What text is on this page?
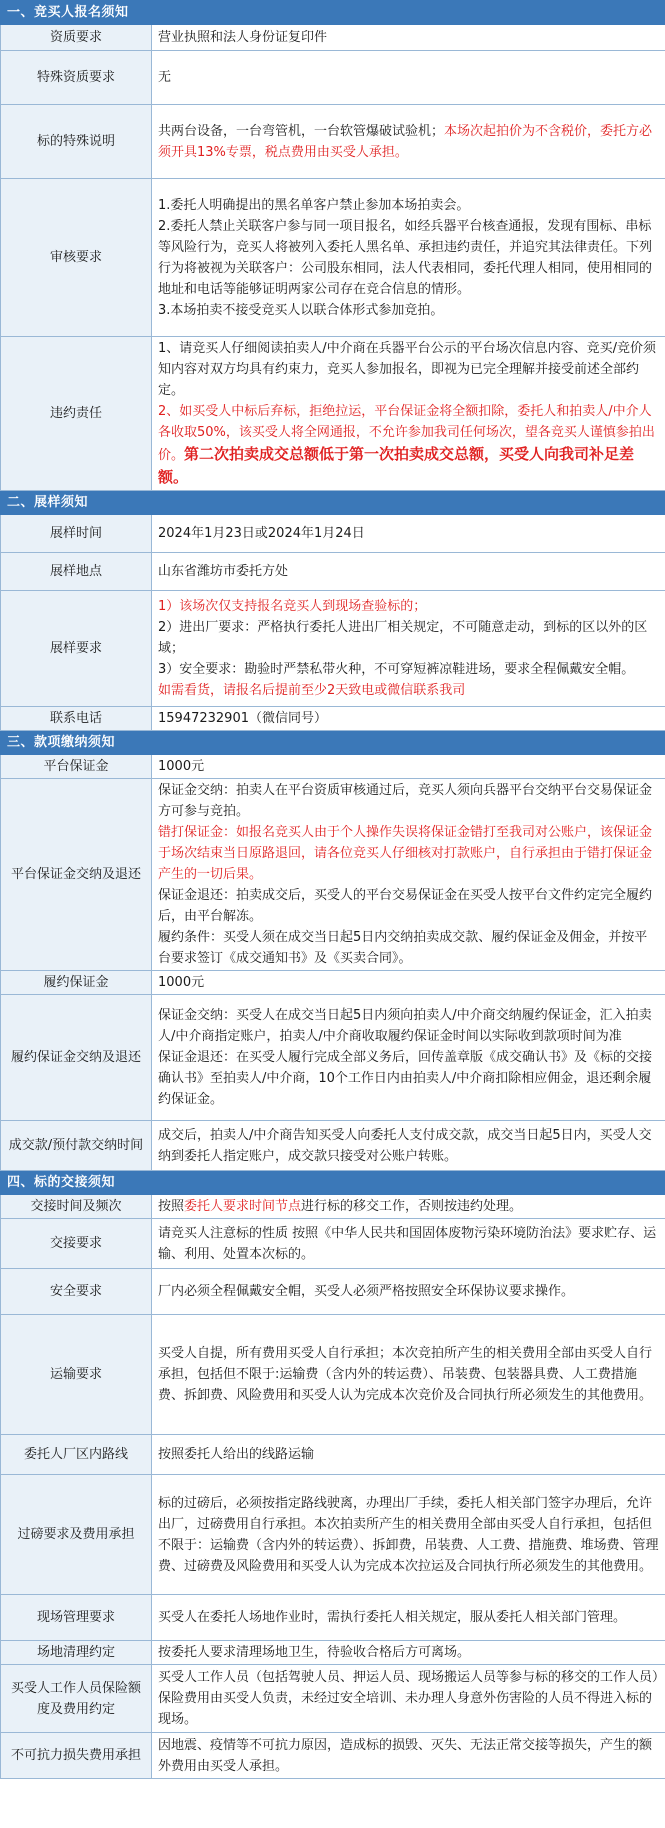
一、竞买人报名须知	
资质要求	营业执照和法人身份证复印件
特殊资质要求	无
标的特殊说明	共两台设备，一台弯管机，一台软管爆破试验机；本场次起拍价为不含税价，委托方必须开具13%专票，税点费用由买受人承担。
审核要求	1.委托人明确提出的黑名单客户禁止参加本场拍卖会。
2.委托人禁止关联客户参与同一项目报名，如经兵器平台核查通报，发现有围标、串标等风险行为，竞买人将被列入委托人黑名单、承担违约责任，并追究其法律责任。下列行为将被视为关联客户：公司股东相同，法人代表相同，委托代理人相同，使用相同的地址和电话等能够证明两家公司存在竞合信息的情形。
3.本场拍卖不接受竞买人以联合体形式参加竞拍。

违约责任	1、请竞买人仔细阅读拍卖人/中介商在兵器平台公示的平台场次信息内容、竞买/竞价须知内容对双方均具有约束力，竞买人参加报名，即视为已完全理解并接受前述全部约定。
2、如买受人中标后弃标，拒绝拉运，平台保证金将全额扣除，委托人和拍卖人/中介人各收取50%，该买受人将全网通报，不允许参加我司任何场次，望各竞买人谨慎参拍出价。第二次拍卖成交总额低于第一次拍卖成交总额，买受人向我司补足差额。
二、展样须知	
展样时间	2024年1月23日或2024年1月24日
展样地点	山东省潍坊市委托方处
展样要求	1）该场次仅支持报名竞买人到现场查验标的；
2）进出厂要求：严格执行委托人进出厂相关规定，不可随意走动，到标的区以外的区域；
3）安全要求：勘验时严禁私带火种，不可穿短裤凉鞋进场，要求全程佩戴安全帽。
如需看货，请报名后提前至少2天致电或微信联系我司

联系电话	15947232901（微信同号）
三、款项缴纳须知	
平台保证金	1000元
平台保证金交纳及退还	保证金交纳：拍卖人在平台资质审核通过后，竞买人须向兵器平台交纳平台交易保证金方可参与竞拍。
错打保证金：如报名竞买人由于个人操作失误将保证金错打至我司对公账户，该保证金于场次结束当日原路退回，请各位竞买人仔细核对打款账户，自行承担由于错打保证金产生的一切后果。
保证金退还：拍卖成交后，买受人的平台交易保证金在买受人按平台文件约定完全履约后，由平台解冻。
履约条件：买受人须在成交当日起5日内交纳拍卖成交款、履约保证金及佣金，并按平台要求签订《成交通知书》及《买卖合同》。

履约保证金	1000元
履约保证金交纳及退还	保证金交纳：买受人在成交当日起5日内须向拍卖人/中介商交纳履约保证金，汇入拍卖人/中介商指定账户，拍卖人/中介商收取履约保证金时间以实际收到款项时间为准
保证金退还：在买受人履行完成全部义务后，回传盖章版《成交确认书》及《标的交接确认书》至拍卖人/中介商，10个工作日内由拍卖人/中介商扣除相应佣金，退还剩余履约保证金。

成交款/预付款交纳时间	成交后，拍卖人/中介商告知买受人向委托人支付成交款，成交当日起5日内，买受人交纳到委托人指定账户，成交款只接受对公账户转账。
四、标的交接须知	
交接时间及频次	按照委托人要求时间节点进行标的移交工作，否则按违约处理。
交接要求	请竞买人注意标的性质 按照《中华人民共和国固体废物污染环境防治法》要求贮存、运输、利用、处置本次标的。
安全要求	厂内必须全程佩戴安全帽，买受人必须严格按照安全环保协议要求操作。
运输要求	买受人自提，所有费用买受人自行承担；本次竞拍所产生的相关费用全部由买受人自行承担，包括但不限于:运输费（含内外的转运费）、吊装费、包装器具费、人工费措施费、拆卸费、风险费用和买受人认为完成本次竞价及合同执行所必须发生的其他费用。
委托人厂区内路线	按照委托人给出的线路运输
过磅要求及费用承担	标的过磅后，必须按指定路线驶离，办理出厂手续，委托人相关部门签字办理后，允许出厂，过磅费用自行承担。本次拍卖所产生的相关费用全部由买受人自行承担，包括但不限于：运输费（含内外的转运费）、拆卸费，吊装费、人工费、措施费、堆场费、管理费、过磅费及风险费用和买受人认为完成本次拉运及合同执行所必须发生的其他费用。
现场管理要求	买受人在委托人场地作业时，需执行委托人相关规定，服从委托人相关部门管理。
场地清理约定	按委托人要求清理场地卫生，待验收合格后方可离场。
买受人工作人员保险额度及费用约定	买受人工作人员（包括驾驶人员、押运人员、现场搬运人员等参与标的移交的工作人员）保险费用由买受人负责，未经过安全培训、未办理人身意外伤害险的人员不得进入标的现场。
不可抗力损失费用承担	因地震、疫情等不可抗力原因，造成标的损毁、灭失、无法正常交接等损失，产生的额外费用由买受人承担。
